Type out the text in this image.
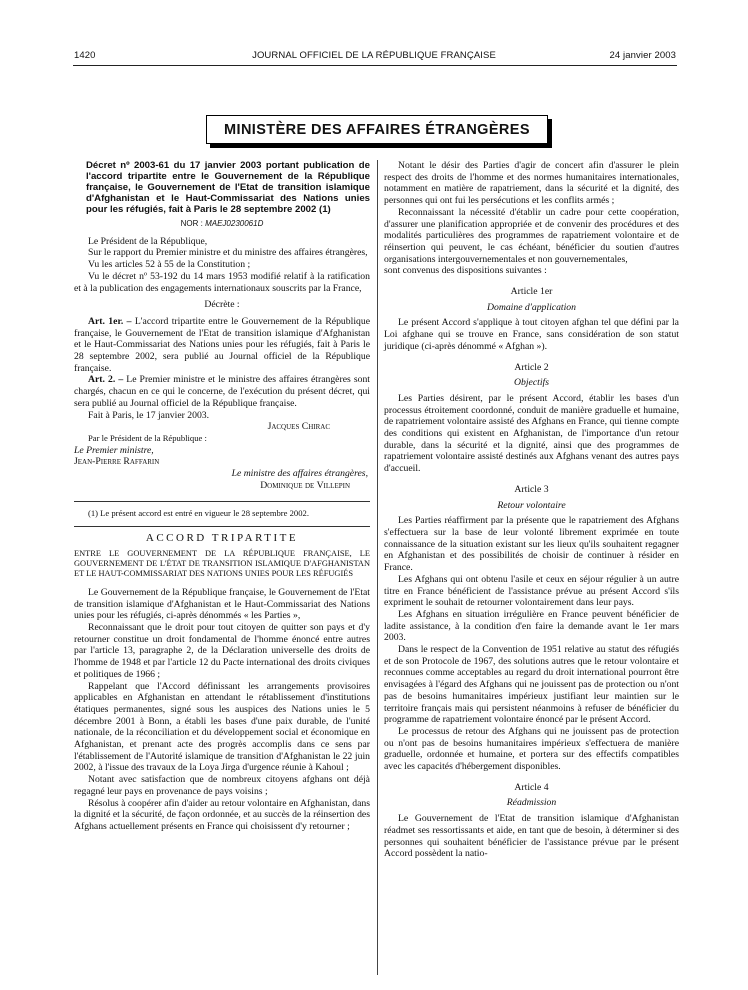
1420	JOURNAL OFFICIEL DE LA RÉPUBLIQUE FRANÇAISE	24 janvier 2003
MINISTÈRE DES AFFAIRES ÉTRANGÈRES

Décret nº 2003-61 du 17 janvier 2003 portant publication de l'accord tripartite entre le Gouvernement de la République française, le Gouvernement de l'Etat de transition islamique d'Afghanistan et le Haut-Commissariat des Nations unies pour les réfugiés, fait à Paris le 28 septembre 2002 (1)

NOR : MAEJ0230061D

Le Président de la République,

Sur le rapport du Premier ministre et du ministre des affaires étrangères,

Vu les articles 52 à 55 de la Constitution ;

Vu le décret nº 53-192 du 14 mars 1953 modifié relatif à la ratification et à la publication des engagements internationaux souscrits par la France,

Décrète :

Art. 1er. – L'accord tripartite entre le Gouvernement de la République française, le Gouvernement de l'Etat de transition islamique d'Afghanistan et le Haut-Commissariat des Nations unies pour les réfugiés, fait à Paris le 28 septembre 2002, sera publié au Journal officiel de la République française.

Art. 2. – Le Premier ministre et le ministre des affaires étrangères sont chargés, chacun en ce qui le concerne, de l'exécution du présent décret, qui sera publié au Journal officiel de la République française.

Fait à Paris, le 17 janvier 2003.

Jacques Chirac

Par le Président de la République :

Le Premier ministre,

Jean-Pierre Raffarin

Le ministre des affaires étrangères,

Dominique de Villepin

(1) Le présent accord est entré en vigueur le 28 septembre 2002.

ACCORD TRIPARTITE

ENTRE LE GOUVERNEMENT DE LA RÉPUBLIQUE FRANÇAISE, LE GOUVERNEMENT DE L'ÉTAT DE TRANSITION ISLAMIQUE D'AFGHANISTAN ET LE HAUT-COMMISSARIAT DES NATIONS UNIES POUR LES RÉFUGIÉS

Le Gouvernement de la République française, le Gouvernement de l'Etat de transition islamique d'Afghanistan et le Haut-Commissariat des Nations unies pour les réfugiés, ci-après dénommés « les Parties »,

Reconnaissant que le droit pour tout citoyen de quitter son pays et d'y retourner constitue un droit fondamental de l'homme énoncé entre autres par l'article 13, paragraphe 2, de la Déclaration universelle des droits de l'homme de 1948 et par l'article 12 du Pacte international des droits civiques et politiques de 1966 ;

Rappelant que l'Accord définissant les arrangements provisoires applicables en Afghanistan en attendant le rétablissement d'institutions étatiques permanentes, signé sous les auspices des Nations unies le 5 décembre 2001 à Bonn, a établi les bases d'une paix durable, de l'unité nationale, de la réconciliation et du développement social et économique en Afghanistan, et prenant acte des progrès accomplis dans ce sens par l'établissement de l'Autorité islamique de transition d'Afghanistan le 22 juin 2002, à l'issue des travaux de la Loya Jirga d'urgence réunie à Kahoul ;

Notant avec satisfaction que de nombreux citoyens afghans ont déjà regagné leur pays en provenance de pays voisins ;

Résolus à coopérer afin d'aider au retour volontaire en Afghanistan, dans la dignité et la sécurité, de façon ordonnée, et au succès de la réinsertion des Afghans actuellement présents en France qui choisissent d'y retourner ;

Notant le désir des Parties d'agir de concert afin d'assurer le plein respect des droits de l'homme et des normes humanitaires internationales, notamment en matière de rapatriement, dans la sécurité et la dignité, des personnes qui ont fui les persécutions et les conflits armés ;

Reconnaissant la nécessité d'établir un cadre pour cette coopération, d'assurer une planification appropriée et de convenir des procédures et des modalités particulières des programmes de rapatriement volontaire et de réinsertion qui peuvent, le cas échéant, bénéficier du soutien d'autres organisations intergouvernementales et non gouvernementales,

sont convenus des dispositions suivantes :

Article 1er

Domaine d'application

Le présent Accord s'applique à tout citoyen afghan tel que défini par la Loi afghane qui se trouve en France, sans considération de son statut juridique (ci-après dénommé « Afghan »).

Article 2

Objectifs

Les Parties désirent, par le présent Accord, établir les bases d'un processus étroitement coordonné, conduit de manière graduelle et humaine, de rapatriement volontaire assisté des Afghans en France, qui tienne compte des conditions qui existent en Afghanistan, de l'importance d'un retour durable, dans la sécurité et la dignité, ainsi que des programmes de rapatriement volontaire assisté destinés aux Afghans venant des autres pays d'accueil.

Article 3

Retour volontaire

Les Parties réaffirment par la présente que le rapatriement des Afghans s'effectuera sur la base de leur volonté librement exprimée en toute connaissance de la situation existant sur les lieux qu'ils souhaitent regagner en Afghanistan et des possibilités de choisir de continuer à résider en France.

Les Afghans qui ont obtenu l'asile et ceux en séjour régulier à un autre titre en France bénéficient de l'assistance prévue au présent Accord s'ils expriment le souhait de retourner volontairement dans leur pays.

Les Afghans en situation irrégulière en France peuvent bénéficier de ladite assistance, à la condition d'en faire la demande avant le 1er mars 2003.

Dans le respect de la Convention de 1951 relative au statut des réfugiés et de son Protocole de 1967, des solutions autres que le retour volontaire et reconnues comme acceptables au regard du droit international pourront être envisagées à l'égard des Afghans qui ne jouissent pas de protection ou n'ont pas de besoins humanitaires impérieux justifiant leur maintien sur le territoire français mais qui persistent néanmoins à refuser de bénéficier du programme de rapatriement volontaire énoncé par le présent Accord.

Le processus de retour des Afghans qui ne jouissent pas de protection ou n'ont pas de besoins humanitaires impérieux s'effectuera de manière graduelle, ordonnée et humaine, et portera sur des effectifs compatibles avec les capacités d'hébergement disponibles.

Article 4

Réadmission

Le Gouvernement de l'Etat de transition islamique d'Afghanistan réadmet ses ressortissants et aide, en tant que de besoin, à déterminer si des personnes qui souhaitent bénéficier de l'assistance prévue par le présent Accord possèdent la natio-
